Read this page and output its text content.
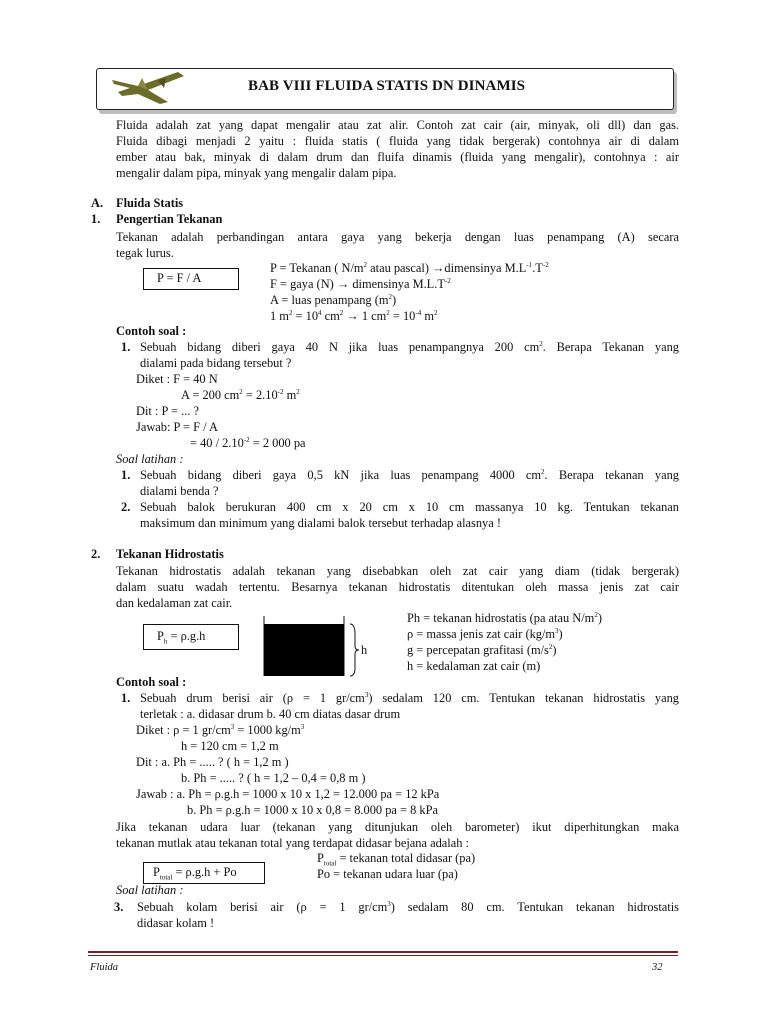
BAB VIII FLUIDA STATIS DN DINAMIS
Fluida adalah zat yang dapat mengalir atau zat alir. Contoh zat cair (air, minyak, oli dll) dan gas.
Fluida dibagi menjadi 2 yaitu : fluida statis ( fluida yang tidak bergerak) contohnya air di dalam
ember atau bak, minyak di dalam drum dan fluifa dinamis (fluida yang mengalir), contohnya : air
mengalir dalam pipa, minyak yang mengalir dalam pipa.
A. Fluida Statis
1. Pengertian Tekanan
Tekanan adalah perbandingan antara gaya yang bekerja dengan luas penampang (A) secara
tegak lurus.
P = F / A
P = Tekanan ( $N/m^2$ atau pascal) →dimensinya $M.L^{-1}.T^{-2}$
F = gaya (N) → dimensinya $M.L.T^{-2}$
A = luas penampang $(m^2)$
1 $m^2 = 10^4$ $cm^2 \to 1$ $cm^2 = 10^{-4}$ $m^2$
Contoh soal :
1. Sebuah bidang diberi gaya 40 N jika luas penampangnya 200 $cm^2$. Berapa Tekanan yang
dialami pada bidang tersebut ?
Diket : F = 40 N
A = 200 $cm^2 = 2.10^{-2}$ $m^2$
Dit : P = ... ?
Jawab: P = F / A
= $40 / 2.10^{-2} = 2$ 000 pa
Soal latihan :
1. Sebuah bidang diberi gaya 0,5 kN jika luas penampang 4000 $cm^2$. Berapa tekanan yang
dialami benda ?
2. Sebuah balok berukuran 400 cm x 20 cm x 10 cm massanya 10 kg. Tentukan tekanan
maksimum dan minimum yang dialami balok tersebut terhadap alasnya !
2. Tekanan Hidrostatis
Tekanan hidrostatis adalah tekanan yang disebabkan oleh zat cair yang diam (tidak bergerak)
dalam suatu wadah tertentu. Besarnya tekanan hidrostatis ditentukan oleh massa jenis zat cair
dan kedalaman zat cair.
$P_h = \rho.g.h$
h
Ph = tekanan hidrostatis (pa atau $N/m^2$)
ρ = massa jenis zat cair $(kg/m^3)$
g = percepatan grafitasi $(m/s^2)$
h = kedalaman zat cair (m)
Contoh soal :
1. Sebuah drum berisi air (ρ = 1 $gr/cm^3$) sedalam 120 cm. Tentukan tekanan hidrostatis yang
terletak : a. didasar drum b. 40 cm diatas dasar drum
Diket : ρ = 1 $gr/cm^3 = 1000$ $kg/m^3$
h = 120 cm = 1,2 m
Dit : a. Ph = ..... ? ( h = 1,2 m )
b. Ph = ..... ? ( h = 1,2 – 0,4 = 0,8 m )
Jawab : a. Ph = ρ.g.h = 1000 x 10 x 1,2 = 12.000 pa = 12 kPa
b. Ph = ρ.g.h = 1000 x 10 x 0,8 = 8.000 pa = 8 kPa
Jika tekanan udara luar (tekanan yang ditunjukan oleh barometer) ikut diperhitungkan maka
tekanan mutlak atau tekanan total yang terdapat didasar bejana adalah :
$P_{total}$ = tekanan total didasar (pa)
$P_{total} = \rho.g.h + Po$	Po = tekanan udara luar (pa)
Soal latihan :
3. Sebuah kolam berisi air (ρ = 1 $gr/cm^3$) sedalam 80 cm. Tentukan tekanan hidrostatis
didasar kolam !
Fluida	32
